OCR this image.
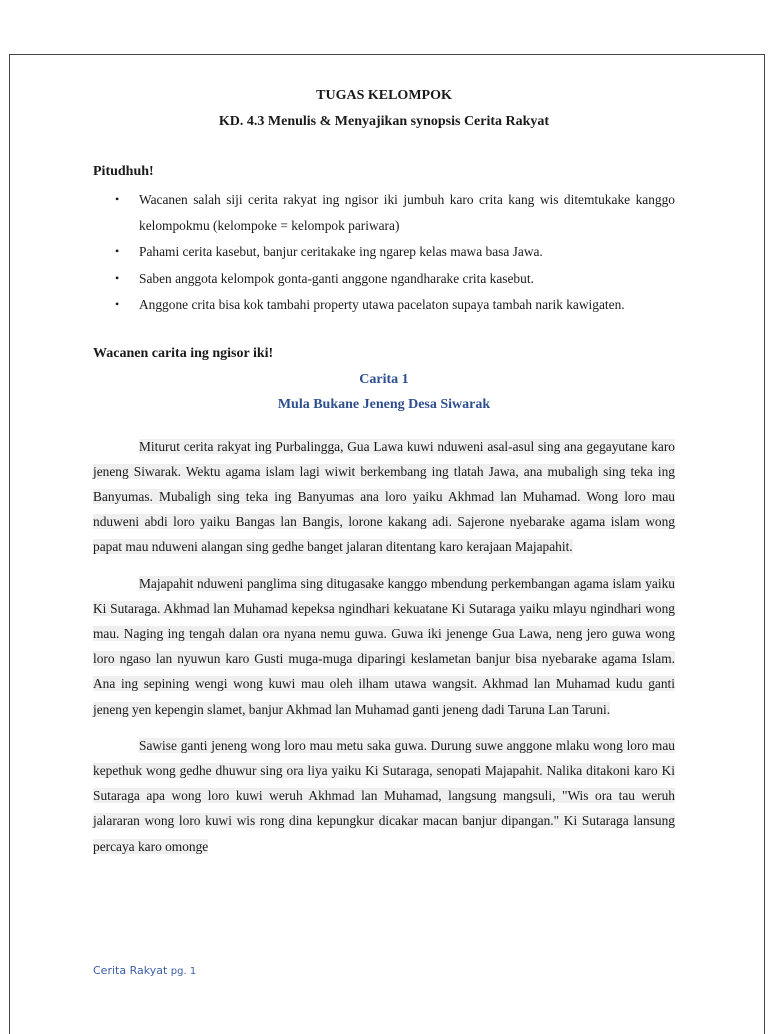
TUGAS KELOMPOK
KD. 4.3 Menulis & Menyajikan synopsis Cerita Rakyat
Pitudhuh!
• Wacanen salah siji cerita rakyat ing ngisor iki jumbuh karo crita kang wis ditemtukake kanggo kelompokmu (kelompoke = kelompok pariwara)
• Pahami cerita kasebut, banjur ceritakake ing ngarep kelas mawa basa Jawa.
• Saben anggota kelompok gonta-ganti anggone ngandharake crita kasebut.
• Anggone crita bisa kok tambahi property utawa pacelaton supaya tambah narik kawigaten.
Wacanen carita ing ngisor iki!
Carita 1
Mula Bukane Jeneng Desa Siwarak

Miturut cerita rakyat ing Purbalingga, Gua Lawa kuwi nduweni asal-asul sing ana gegayutane karo jeneng Siwarak. Wektu agama islam lagi wiwit berkembang ing tlatah Jawa, ana mubaligh sing teka ing Banyumas. Mubaligh sing teka ing Banyumas ana loro yaiku Akhmad lan Muhamad. Wong loro mau nduweni abdi loro yaiku Bangas lan Bangis, lorone kakang adi. Sajerone nyebarake agama islam wong papat mau nduweni alangan sing gedhe banget jalaran ditentang karo kerajaan Majapahit.

Majapahit nduweni panglima sing ditugasake kanggo mbendung perkembangan agama islam yaiku Ki Sutaraga. Akhmad lan Muhamad kepeksa ngindhari kekuatane Ki Sutaraga yaiku mlayu ngindhari wong mau. Naging ing tengah dalan ora nyana nemu guwa. Guwa iki jenenge Gua Lawa, neng jero guwa wong loro ngaso lan nyuwun karo Gusti muga-muga diparingi keslametan banjur bisa nyebarake agama Islam. Ana ing sepining wengi wong kuwi mau oleh ilham utawa wangsit. Akhmad lan Muhamad kudu ganti jeneng yen kepengin slamet, banjur Akhmad lan Muhamad ganti jeneng dadi Taruna Lan Taruni.

Sawise ganti jeneng wong loro mau metu saka guwa. Durung suwe anggone mlaku wong loro mau kepethuk wong gedhe dhuwur sing ora liya yaiku Ki Sutaraga, senopati Majapahit. Nalika ditakoni karo Ki Sutaraga apa wong loro kuwi weruh Akhmad lan Muhamad, langsung mangsuli, "Wis ora tau weruh jalararan wong loro kuwi wis rong dina kepungkur dicakar macan banjur dipangan." Ki Sutaraga lansung percaya karo omonge

Cerita Rakyat pg. 1
